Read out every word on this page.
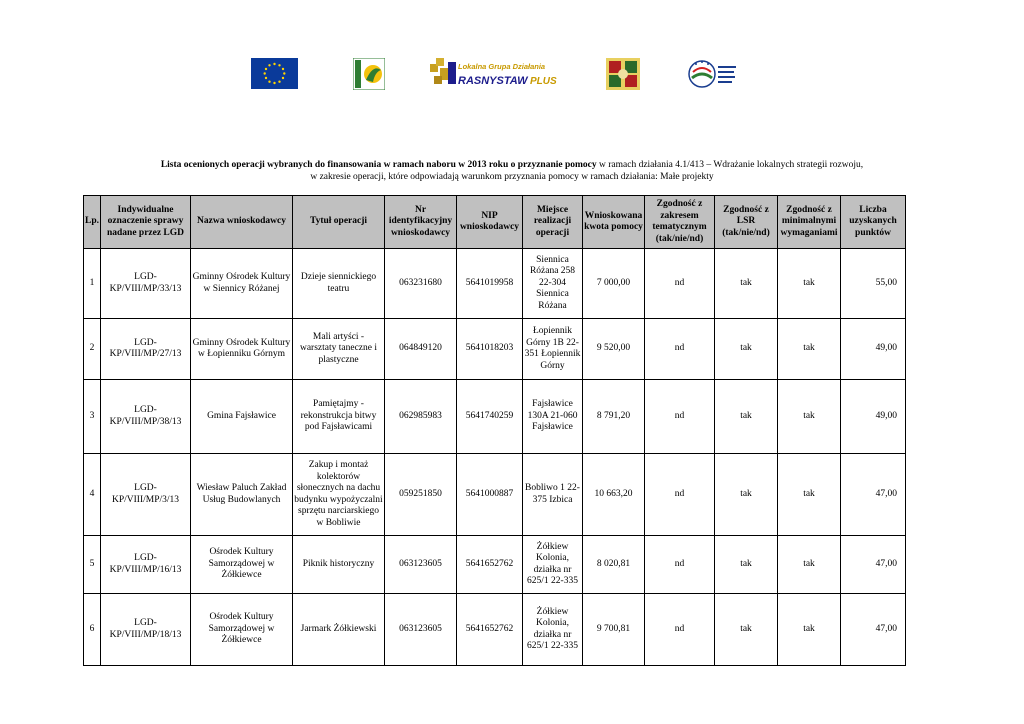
Lokalna Grupa Działania
RASNYSTAW PLUS
Lista ocenionych operacji wybranych do finansowania w ramach naboru w 2013 roku o przyznanie pomocy w ramach działania 4.1/413 – Wdrażanie lokalnych strategii rozwoju,
w zakresie operacji, które odpowiadają warunkom przyznania pomocy w ramach działania: Małe projekty
Lp.	Indywidualne oznaczenie sprawy nadane przez LGD	Nazwa wnioskodawcy	Tytuł operacji	Nr identyfikacyjny wnioskodawcy	NIP wnioskodawcy	Miejsce realizacji operacji	Wnioskowana kwota pomocy	Zgodność z zakresem tematycznym (tak/nie/nd)	Zgodność z LSR (tak/nie/nd)	Zgodność z minimalnymi wymaganiami	Liczba uzyskanych punktów
1	LGD-KP/VIII/MP/33/13	Gminny Ośrodek Kultury w Siennicy Różanej	Dzieje siennickiego teatru	063231680	5641019958	Siennica Różana 258 22-304 Siennica Różana	7 000,00	nd	tak	tak	55,00
2	LGD-KP/VIII/MP/27/13	Gminny Ośrodek Kultury w Łopienniku Górnym	Mali artyści - warsztaty taneczne i plastyczne	064849120	5641018203	Łopiennik Górny 1B 22-351 Łopiennik Górny	9 520,00	nd	tak	tak	49,00
3	LGD-KP/VIII/MP/38/13	Gmina Fajsławice	Pamiętajmy - rekonstrukcja bitwy pod Fajsławicami	062985983	5641740259	Fajsławice 130A 21-060 Fajsławice	8 791,20	nd	tak	tak	49,00
4	LGD-KP/VIII/MP/3/13	Wiesław Paluch Zakład Usług Budowlanych	Zakup i montaż kolektorów słonecznych na dachu budynku wypożyczalni sprzętu narciarskiego w Bobliwie	059251850	5641000887	Bobliwo 1 22-375 Izbica	10 663,20	nd	tak	tak	47,00
5	LGD-KP/VIII/MP/16/13	Ośrodek Kultury Samorządowej w Żółkiewce	Piknik historyczny	063123605	5641652762	Żółkiew Kolonia, działka nr 625/1 22-335	8 020,81	nd	tak	tak	47,00
6	LGD-KP/VIII/MP/18/13	Ośrodek Kultury Samorządowej w Żółkiewce	Jarmark Żółkiewski	063123605	5641652762	Żółkiew Kolonia, działka nr 625/1 22-335	9 700,81	nd	tak	tak	47,00
